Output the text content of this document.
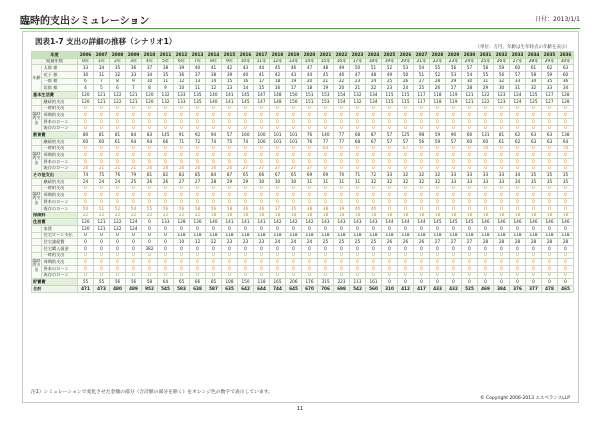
臨時的支出シミュレーション	日付：2013/1/1
図表1-7 支出の詳細の推移（シナリオ1）
（単位：万円、年齢は生年時点の年齢を表示）
年度		2006	2007	2008	2009	2010	2011	2012	2013	2014	2015	2016	2017	2018	2019	2020	2021	2022	2023	2024	2025	2026	2027	2028	2029	2030	2031	2032	2033	2034	2035	2036
経過年数		0年	1年	2年	3年	4年	5年	6年	7年	8年	9年	10年	11年	12年	13年	14年	15年	16年	17年	18年	19年	20年	21年	22年	23年	24年	25年	26年	27年	28年	29年	30年
年齢	太郎 様	33	34	35	36	37	38	39	40	41	42	43	44	45	46	47	48	49	50	51	52	53	54	55	56	57	58	59	60	61	62	63
	花子 様	30	31	32	33	34	35	36	37	38	39	40	41	42	43	44	45	46	47	48	49	50	51	52	53	54	55	56	57	58	59	60
	一郎 様	6	7	8	9	10	11	12	13	14	15	16	17	18	19	20	21	22	23	24	25	26	27	28	29	30	31	32	33	34	35	36
	次郎 様	4	5	6	7	8	9	10	11	12	13	14	15	16	17	18	19	20	21	22	23	24	25	26	27	28	29	30	31	32	33	34
基本生活費		120	121	122	121	120	132	133	135	140	141	145	147	148	150	151	153	154	132	134	115	115	117	118	119	121	122	123	124	125	127	128
	継続的支出	120	121	122	121	120	132	133	135	140	141	145	147	148	150	151	153	154	132	134	115	115	117	118	119	121	122	123	124	125	127	128
臨時的支出	一時的支出	0	0	0	0	0	0	0	0	0	0	0	0	0	0	0	0	0	0	0	0	0	0	0	0	0	0	0	0	0	0	0
	周期的支出	0	0	0	0	0	0	0	0	0	0	0	0	0	0	0	0	0	0	0	0	0	0	0	0	0	0	0	0	0	0	0
	将来のローン	0	0	0	0	0	0	0	0	0	0	0	0	0	0	0	0	0	0	0	0	0	0	0	0	0	0	0	0	0	0	0
	既存のローン	0	0	0	0	0	0	0	0	0	0	0	0	0	0	0	0	0	0	0	0	0	0	0	0	0	0	0	0	0	0	0
教育費		80	81	81	84	83	145	91	92	94	57	160	100	101	101	76	140	77	68	87	57	125	98	59	90	60	131	81	62	63	63	138
	継続的支出	60	60	61	64	64	66	71	72	74	75	74	100	101	101	76	77	77	68	67	57	57	56	59	57	60	60	61	62	63	63	64
臨時的支出	一時的支出	0	0	0	0	0	0	0	0	0	0	0	0	0	0	0	64	0	0	0	0	67	0	0	0	0	70	0	0	0	0	74
	周期的支出	0	0	0	0	0	0	0	0	0	0	0	0	0	0	0	0	0	0	0	0	0	0	0	0	0	0	0	0	0	0	0
	将来のローン	0	0	0	0	0	0	0	0	0	0	0	0	0	0	0	0	0	0	0	0	0	0	0	0	0	0	0	0	0	0	0
	既存のローン	20	21	21	21	20	24	20	20	20	20	27	27	27	27	27	0	0	0	0	0	0	0	0	0	0	0	0	0	0	0	0
その他支出		74	75	76	79	81	82	83	85	84	87	65	66	67	65	69	69	70	71	72	33	32	32	32	33	33	33	33	34	35	35	35
	継続的支出	24	24	24	25	26	26	27	27	28	29	29	30	30	30	31	31	31	31	32	32	32	32	32	33	33	33	33	34	35	35	35
臨時的支出	一時的支出	0	0	0	0	0	0	0	0	0	0	0	0	0	0	0	0	0	0	0	0	0	0	0	0	0	0	0	0	0	0	0
	周期的支出	0	0	0	0	0	0	0	0	0	0	0	0	0	0	0	0	0	0	0	0	0	0	0	0	0	0	0	0	0	0	0
	将来のローン	0	0	0	0	0	0	0	0	0	0	0	0	0	0	0	0	0	0	0	0	0	0	0	0	0	0	0	0	0	0	0
	既存のローン	50	51	52	54	55	56	56	58	56	58	36	36	37	35	38	38	39	40	40	0	0	0	0	0	0	0	0	0	0	0	0
保険料		22	22	22	22	22	22	22	22	18	18	18	18	18	18	18	18	18	18	18	18	18	18	18	18	18	18	18	18	18	18	18
住居費		120	121	122	124	0	133	128	130	140	141	141	141	142	142	142	143	143	143	143	144	144	144	145	145	145	146	146	146	146	146	146
	家賃	120	121	122	124	0	0	0	0	0	0	0	0	0	0	0	0	0	0	0	0	0	0	0	0	0	0	0	0	0	0	0
	住宅ローン支払	0	0	0	0	0	0	118	118	118	118	118	118	118	118	118	118	118	118	118	118	118	118	118	118	118	118	118	118	118	118	118
	住宅諸経費	0	0	0	0	0	0	10	12	22	23	23	23	24	24	24	25	25	25	25	26	26	26	27	27	27	28	28	28	28	28	28
	住宅購入頭金	0	0	0	0	382	0	0	0	0	0	0	0	0	0	0	0	0	0	0	0	0	0	0	0	0	0	0	0	0	0	0
臨時的支出	一時的支出	0	0	0	0	0	0	0	0	0	0	0	0	0	0	0	0	0	0	0	0	0	0	0	0	0	0	0	0	0	0	0
	周期的支出	0	0	0	0	0	0	0	0	0	0	0	0	0	0	0	0	0	0	0	0	0	0	0	0	0	0	0	0	0	0	0
	将来のローン	0	0	0	0	0	0	0	0	0	0	0	0	0	0	0	0	0	0	0	0	0	0	0	0	0	0	0	0	0	0	0
	既存のローン	0	0	0	0	0	0	0	0	0	0	0	0	0	0	0	0	0	0	0	0	0	0	0	0	0	0	0	0	0	0	0
貯蓄費		55	55	56	56	58	64	65	66	85	108	150	118	165	206	176	315	223	113	161	0	0	0	0	0	0	0	0	0	0	0	0
合計		471	473	480	489	952	545	583	638	587	635	642	644	744	645	670	706	698	542	560	310	412	417	433	432	525	469	384	376	377	478	465
注1）シミュレーションで変化させた金額の部分（合計額の部分を除く）をオレンジ色の数字で表示しています。
© Copyright 2006-2013 エスペランスLLP
11
